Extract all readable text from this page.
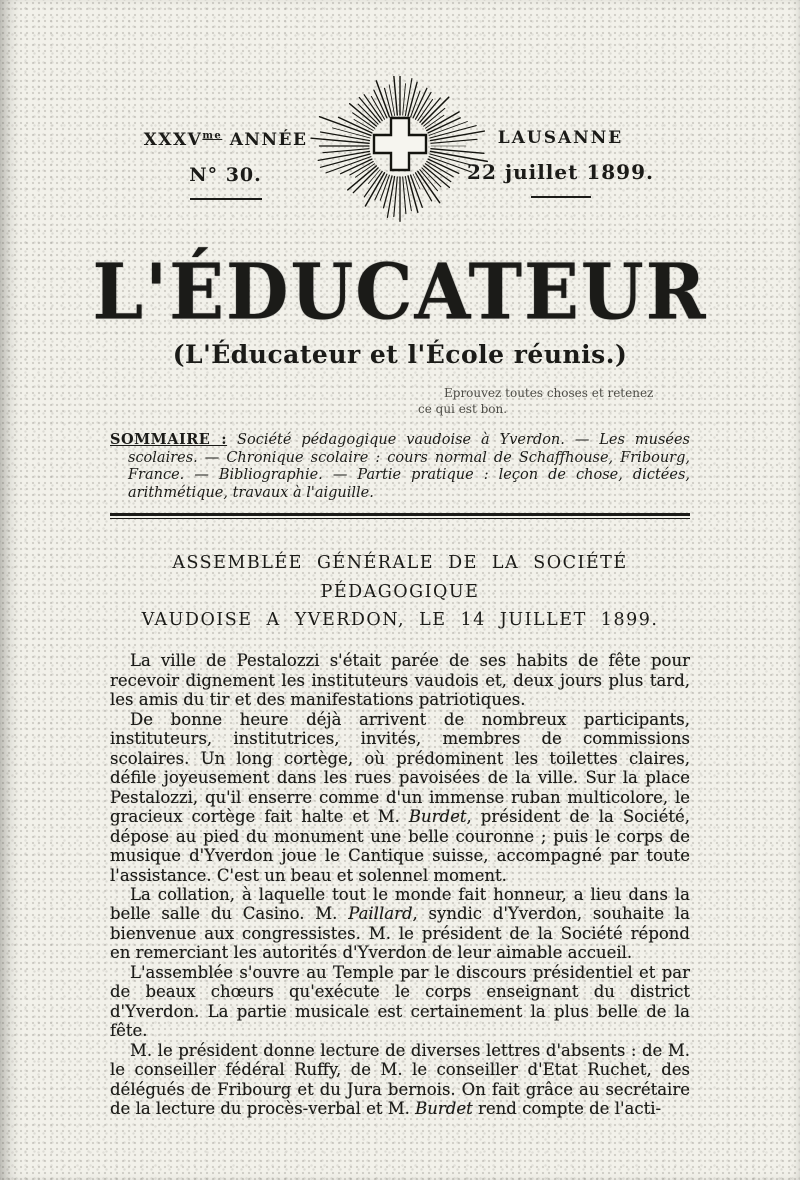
$XXXV^{me}$ ANNÉE
N° 30.
LAUSANNE
22 juillet 1899.
L'ÉDUCATEUR
(L'Éducateur et l'École réunis.)
Eprouvez toutes choses et retenez
ce qui est bon.
SOMMAIRE : Société pédagogique vaudoise à Yverdon. — Les musées scolaires. — Chronique scolaire : cours normal de Schaffhouse, Fribourg, France. — Bibliographie. — Partie pratique : leçon de chose, dictées, arithmétique, travaux à l'aiguille.
ASSEMBLÉE GÉNÉRALE DE LA SOCIÉTÉ PÉDAGOGIQUE
VAUDOISE A YVERDON, LE 14 JUILLET 1899.

La ville de Pestalozzi s'était parée de ses habits de fête pour recevoir dignement les instituteurs vaudois et, deux jours plus tard, les amis du tir et des manifestations patriotiques.

De bonne heure déjà arrivent de nombreux participants, instituteurs, institutrices, invités, membres de commissions scolaires. Un long cortège, où prédominent les toilettes claires, défile joyeusement dans les rues pavoisées de la ville. Sur la place Pestalozzi, qu'il enserre comme d'un immense ruban multicolore, le gracieux cortège fait halte et M. Burdet, président de la Société, dépose au pied du monument une belle couronne ; puis le corps de musique d'Yverdon joue le Cantique suisse, accompagné par toute l'assistance. C'est un beau et solennel moment.

La collation, à laquelle tout le monde fait honneur, a lieu dans la belle salle du Casino. M. Paillard, syndic d'Yverdon, souhaite la bienvenue aux congressistes. M. le président de la Société répond en remerciant les autorités d'Yverdon de leur aimable accueil.

L'assemblée s'ouvre au Temple par le discours présidentiel et par de beaux chœurs qu'exécute le corps enseignant du district d'Yverdon. La partie musicale est certainement la plus belle de la fête.

M. le président donne lecture de diverses lettres d'absents : de M. le conseiller fédéral Ruffy, de M. le conseiller d'Etat Ruchet, des délégués de Fribourg et du Jura bernois. On fait grâce au secrétaire de la lecture du procès-verbal et M. Burdet rend compte de l'acti-
